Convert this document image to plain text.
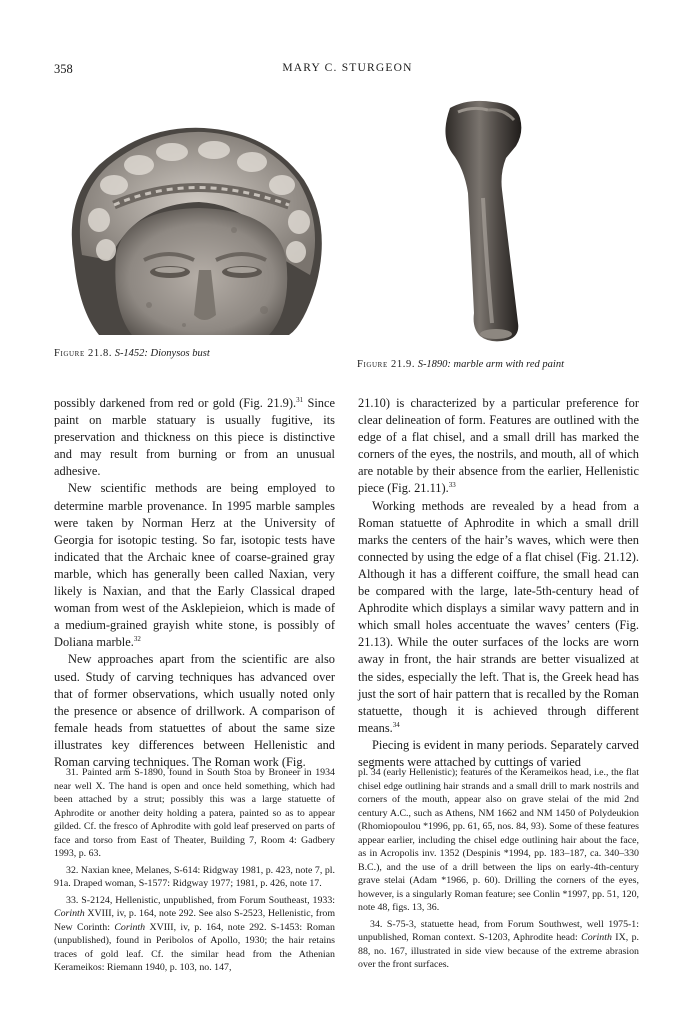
358	MARY C. STURGEON
Figure 21.8. S-1452: Dionysos bust
Figure 21.9. S-1890: marble arm with red paint

possibly darkened from red or gold (Fig. 21.9).$^{31}$ Since paint on marble statuary is usually fugitive, its preservation and thickness on this piece is distinctive and may result from burning or from an unusual adhesive.

New scientific methods are being employed to determine marble provenance. In 1995 marble samples were taken by Norman Herz at the University of Georgia for isotopic testing. So far, isotopic tests have indicated that the Archaic knee of coarse-grained gray marble, which has generally been called Naxian, very likely is Naxian, and that the Early Classical draped woman from west of the Asklepieion, which is made of a medium-grained grayish white stone, is possibly of Doliana marble.$^{32}$

New approaches apart from the scientific are also used. Study of carving techniques has advanced over that of former observations, which usually noted only the presence or absence of drillwork. A comparison of female heads from statuettes of about the same size illustrates key differences between Hellenistic and Roman carving techniques. The Roman work (Fig.

21.10) is characterized by a particular preference for clear delineation of form. Features are outlined with the edge of a flat chisel, and a small drill has marked the corners of the eyes, the nostrils, and mouth, all of which are notable by their absence from the earlier, Hellenistic piece (Fig. 21.11).$^{33}$

Working methods are revealed by a head from a Roman statuette of Aphrodite in which a small drill marks the centers of the hair’s waves, which were then connected by using the edge of a flat chisel (Fig. 21.12). Although it has a different coiffure, the small head can be compared with the large, late-5th-century head of Aphrodite which displays a similar wavy pattern and in which small holes accentuate the waves’ centers (Fig. 21.13). While the outer surfaces of the locks are worn away in front, the hair strands are better visualized at the sides, especially the left. That is, the Greek head has just the sort of hair pattern that is recalled by the Roman statuette, though it is achieved through different means.$^{34}$

Piecing is evident in many periods. Separately carved segments were attached by cuttings of varied

31. Painted arm S-1890, found in South Stoa by Broneer in 1934 near well X. The hand is open and once held something, which had been attached by a strut; possibly this was a large statuette of Aphrodite or another deity holding a patera, painted so as to appear gilded. Cf. the fresco of Aphrodite with gold leaf preserved on parts of face and torso from East of Theater, Building 7, Room 4: Gadbery 1993, p. 63.

32. Naxian knee, Melanes, S-614: Ridgway 1981, p. 423, note 7, pl. 91a. Draped woman, S-1577: Ridgway 1977; 1981, p. 426, note 17.

33. S-2124, Hellenistic, unpublished, from Forum Southeast, 1933: Corinth XVIII, iv, p. 164, note 292. See also S-2523, Hellenistic, from New Corinth: Corinth XVIII, iv, p. 164, note 292. S-1453: Roman (unpublished), found in Peribolos of Apollo, 1930; the hair retains traces of gold leaf. Cf. the similar head from the Athenian Kerameikos: Riemann 1940, p. 103, no. 147,

pl. 34 (early Hellenistic); features of the Kerameikos head, i.e., the flat chisel edge outlining hair strands and a small drill to mark nostrils and corners of the mouth, appear also on grave stelai of the mid 2nd century A.C., such as Athens, NM 1662 and NM 1450 of Polydeukion (Rhomiopoulou *1996, pp. 61, 65, nos. 84, 93). Some of these features appear earlier, including the chisel edge outlining hair about the face, as in Acropolis inv. 1352 (Despinis *1994, pp. 183–187, ca. 340–330 B.C.), and the use of a drill between the lips on early-4th-century grave stelai (Adam *1966, p. 60). Drilling the corners of the eyes, however, is a singularly Roman feature; see Conlin *1997, pp. 51, 120, note 48, figs. 13, 36.

34. S-75-3, statuette head, from Forum Southwest, well 1975-1: unpublished, Roman context. S-1203, Aphrodite head: Corinth IX, p. 88, no. 167, illustrated in side view because of the extreme abrasion over the front surfaces.
